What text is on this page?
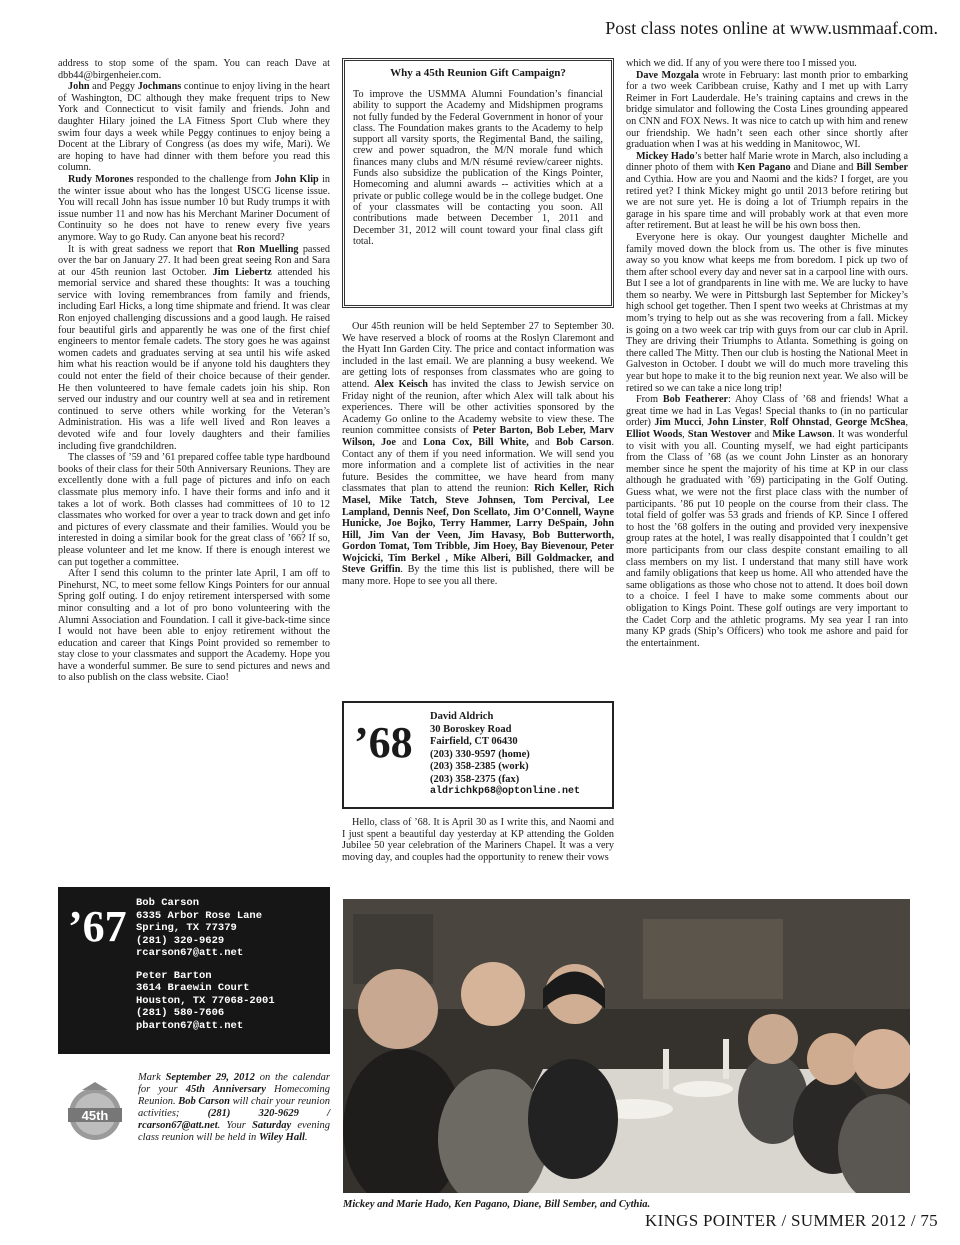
Post class notes online at www.usmmaaf.com.

address to stop some of the spam. You can reach Dave at dbb44@birgenheier.com.

John and Peggy Jochmans continue to enjoy living in the heart of Washington, DC although they make frequent trips to New York and Connecticut to visit family and friends. John and daughter Hilary joined the LA Fitness Sport Club where they swim four days a week while Peggy continues to enjoy being a Docent at the Library of Congress (as does my wife, Mari). We are hoping to have had dinner with them before you read this column.

Rudy Morones responded to the challenge from John Klip in the winter issue about who has the longest USCG license issue. You will recall John has issue number 10 but Rudy trumps it with issue number 11 and now has his Merchant Mariner Document of Continuity so he does not have to renew every five years anymore. Way to go Rudy. Can anyone beat his record?

It is with great sadness we report that Ron Muelling passed over the bar on January 27. It had been great seeing Ron and Sara at our 45th reunion last October. Jim Liebertz attended his memorial service and shared these thoughts: It was a touching service with loving remembrances from family and friends, including Earl Hicks, a long time shipmate and friend. It was clear Ron enjoyed challenging discussions and a good laugh. He raised four beautiful girls and apparently he was one of the first chief engineers to mentor female cadets. The story goes he was against women cadets and graduates serving at sea until his wife asked him what his reaction would be if anyone told his daughters they could not enter the field of their choice because of their gender. He then volunteered to have female cadets join his ship. Ron served our industry and our country well at sea and in retirement continued to serve others while working for the Veteran’s Administration. His was a life well lived and Ron leaves a devoted wife and four lovely daughters and their families including five grandchildren.

The classes of ’59 and ’61 prepared coffee table type hardbound books of their class for their 50th Anniversary Reunions. They are excellently done with a full page of pictures and info on each classmate plus memory info. I have their forms and info and it takes a lot of work. Both classes had committees of 10 to 12 classmates who worked for over a year to track down and get info and pictures of every classmate and their families. Would you be interested in doing a similar book for the great class of ’66? If so, please volunteer and let me know. If there is enough interest we can put together a committee.

After I send this column to the printer late April, I am off to Pinehurst, NC, to meet some fellow Kings Pointers for our annual Spring golf outing. I do enjoy retirement interspersed with some minor consulting and a lot of pro bono volunteering with the Alumni Association and Foundation. I call it give-back-time since I would not have been able to enjoy retirement without the education and career that Kings Point provided so remember to stay close to your classmates and support the Academy. Hope you have a wonderful summer. Be sure to send pictures and news and to also publish on the class website. Ciao!

Why a 45th Reunion Gift Campaign?

To improve the USMMA Alumni Foundation’s financial ability to support the Academy and Midshipmen programs not fully funded by the Federal Government in honor of your class. The Foundation makes grants to the Academy to help support all varsity sports, the Regimental Band, the sailing, crew and power squadron, the M/N morale fund which finances many clubs and M/N résumé review/career nights. Funds also subsidize the publication of the Kings Pointer, Homecoming and alumni awards -- activities which at a private or public college would be in the college budget. One of your classmates will be contacting you soon. All contributions made between December 1, 2011 and December 31, 2012 will count toward your final class gift total.

Our 45th reunion will be held September 27 to September 30. We have reserved a block of rooms at the Roslyn Claremont and the Hyatt Inn Garden City. The price and contact information was included in the last email. We are planning a busy weekend. We are getting lots of responses from classmates who are going to attend. Alex Keisch has invited the class to Jewish service on Friday night of the reunion, after which Alex will talk about his experiences. There will be other activities sponsored by the Academy Go online to the Academy website to view these. The reunion committee consists of Peter Barton, Bob Leber, Marv Wilson, Joe and Lona Cox, Bill White, and Bob Carson. Contact any of them if you need information. We will send you more information and a complete list of activities in the near future. Besides the committee, we have heard from many classmates that plan to attend the reunion: Rich Keller, Rich Masel, Mike Tatch, Steve Johnsen, Tom Percival, Lee Lampland, Dennis Neef, Don Scellato, Jim O’Connell, Wayne Hunicke, Joe Bojko, Terry Hammer, Larry DeSpain, John Hill, Jim Van der Veen, Jim Havasy, Bob Butterworth, Gordon Tomat, Tom Tribble, Jim Hoey, Bay Bievenour, Peter Wojcicki, Tim Berkel , Mike Alberi, Bill Goldmacker, and Steve Griffin. By the time this list is published, there will be many more. Hope to see you all there.

’68
David Aldrich
30 Boroskey Road
Fairfield, CT 06430
(203) 330-9597 (home)
(203) 358-2385 (work)
(203) 358-2375 (fax)
aldrichkp68@optonline.net

Hello, class of ’68. It is April 30 as I write this, and Naomi and I just spent a beautiful day yesterday at KP attending the Golden Jubilee 50 year celebration of the Mariners Chapel. It was a very moving day, and couples had the opportunity to renew their vows

which we did. If any of you were there too I missed you.

Dave Mozgala wrote in February: last month prior to embarking for a two week Caribbean cruise, Kathy and I met up with Larry Reimer in Fort Lauderdale. He’s training captains and crews in the bridge simulator and following the Costa Lines grounding appeared on CNN and FOX News. It was nice to catch up with him and renew our friendship. We hadn’t seen each other since shortly after graduation when I was at his wedding in Manitowoc, WI.

Mickey Hado’s better half Marie wrote in March, also including a dinner photo of them with Ken Pagano and Diane and Bill Sember and Cythia. How are you and Naomi and the kids? I forget, are you retired yet? I think Mickey might go until 2013 before retiring but we are not sure yet. He is doing a lot of Triumph repairs in the garage in his spare time and will probably work at that even more after retirement. But at least he will be his own boss then.

Everyone here is okay. Our youngest daughter Michelle and family moved down the block from us. The other is five minutes away so you know what keeps me from boredom. I pick up two of them after school every day and never sat in a carpool line with ours. But I see a lot of grandparents in line with me. We are lucky to have them so nearby. We were in Pittsburgh last September for Mickey’s high school get together. Then I spent two weeks at Christmas at my mom’s trying to help out as she was recovering from a fall. Mickey is going on a two week car trip with guys from our car club in April. They are driving their Triumphs to Atlanta. Something is going on there called The Mitty. Then our club is hosting the National Meet in Galveston in October. I doubt we will do much more traveling this year but hope to make it to the big reunion next year. We also will be retired so we can take a nice long trip!

From Bob Featherer: Ahoy Class of ’68 and friends! What a great time we had in Las Vegas! Special thanks to (in no particular order) Jim Mucci, John Linster, Rolf Ohnstad, George McShea, Elliot Woods, Stan Westover and Mike Lawson. It was wonderful to visit with you all. Counting myself, we had eight participants from the Class of ’68 (as we count John Linster as an honorary member since he spent the majority of his time at KP in our class although he graduated with ’69) participating in the Golf Outing. Guess what, we were not the first place class with the number of participants. ’86 put 10 people on the course from their class. The total field of golfer was 53 grads and friends of KP. Since I offered to host the ’68 golfers in the outing and provided very inexpensive group rates at the hotel, I was really disappointed that I couldn’t get more participants from our class despite constant emailing to all class members on my list. I understand that many still have work and family obligations that keep us home. All who attended have the same obligations as those who chose not to attend. It does boil down to a choice. I feel I have to make some comments about our obligation to Kings Point. These golf outings are very important to the Cadet Corp and the athletic programs. My sea year I ran into many KP grads (Ship’s Officers) who took me ashore and paid for the entertainment.

’67 Bob Carson
6335 Arbor Rose Lane
Spring, TX 77379
(281) 320-9629
rcarson67@att.net
Peter Barton
3614 Braewin Court
Houston, TX 77068-2001
(281) 580-7606
pbarton67@att.net
45th
Mark September 29, 2012 on the calendar for your 45th Anniversary Homecoming Reunion. Bob Carson will chair your reunion activities; (281) 320-9629 / rcarson67@att.net. Your Saturday evening class reunion will be held in Wiley Hall.
Mickey and Marie Hado, Ken Pagano, Diane, Bill Sember, and Cythia.
KINGS POINTER / SUMMER 2012 / 75
